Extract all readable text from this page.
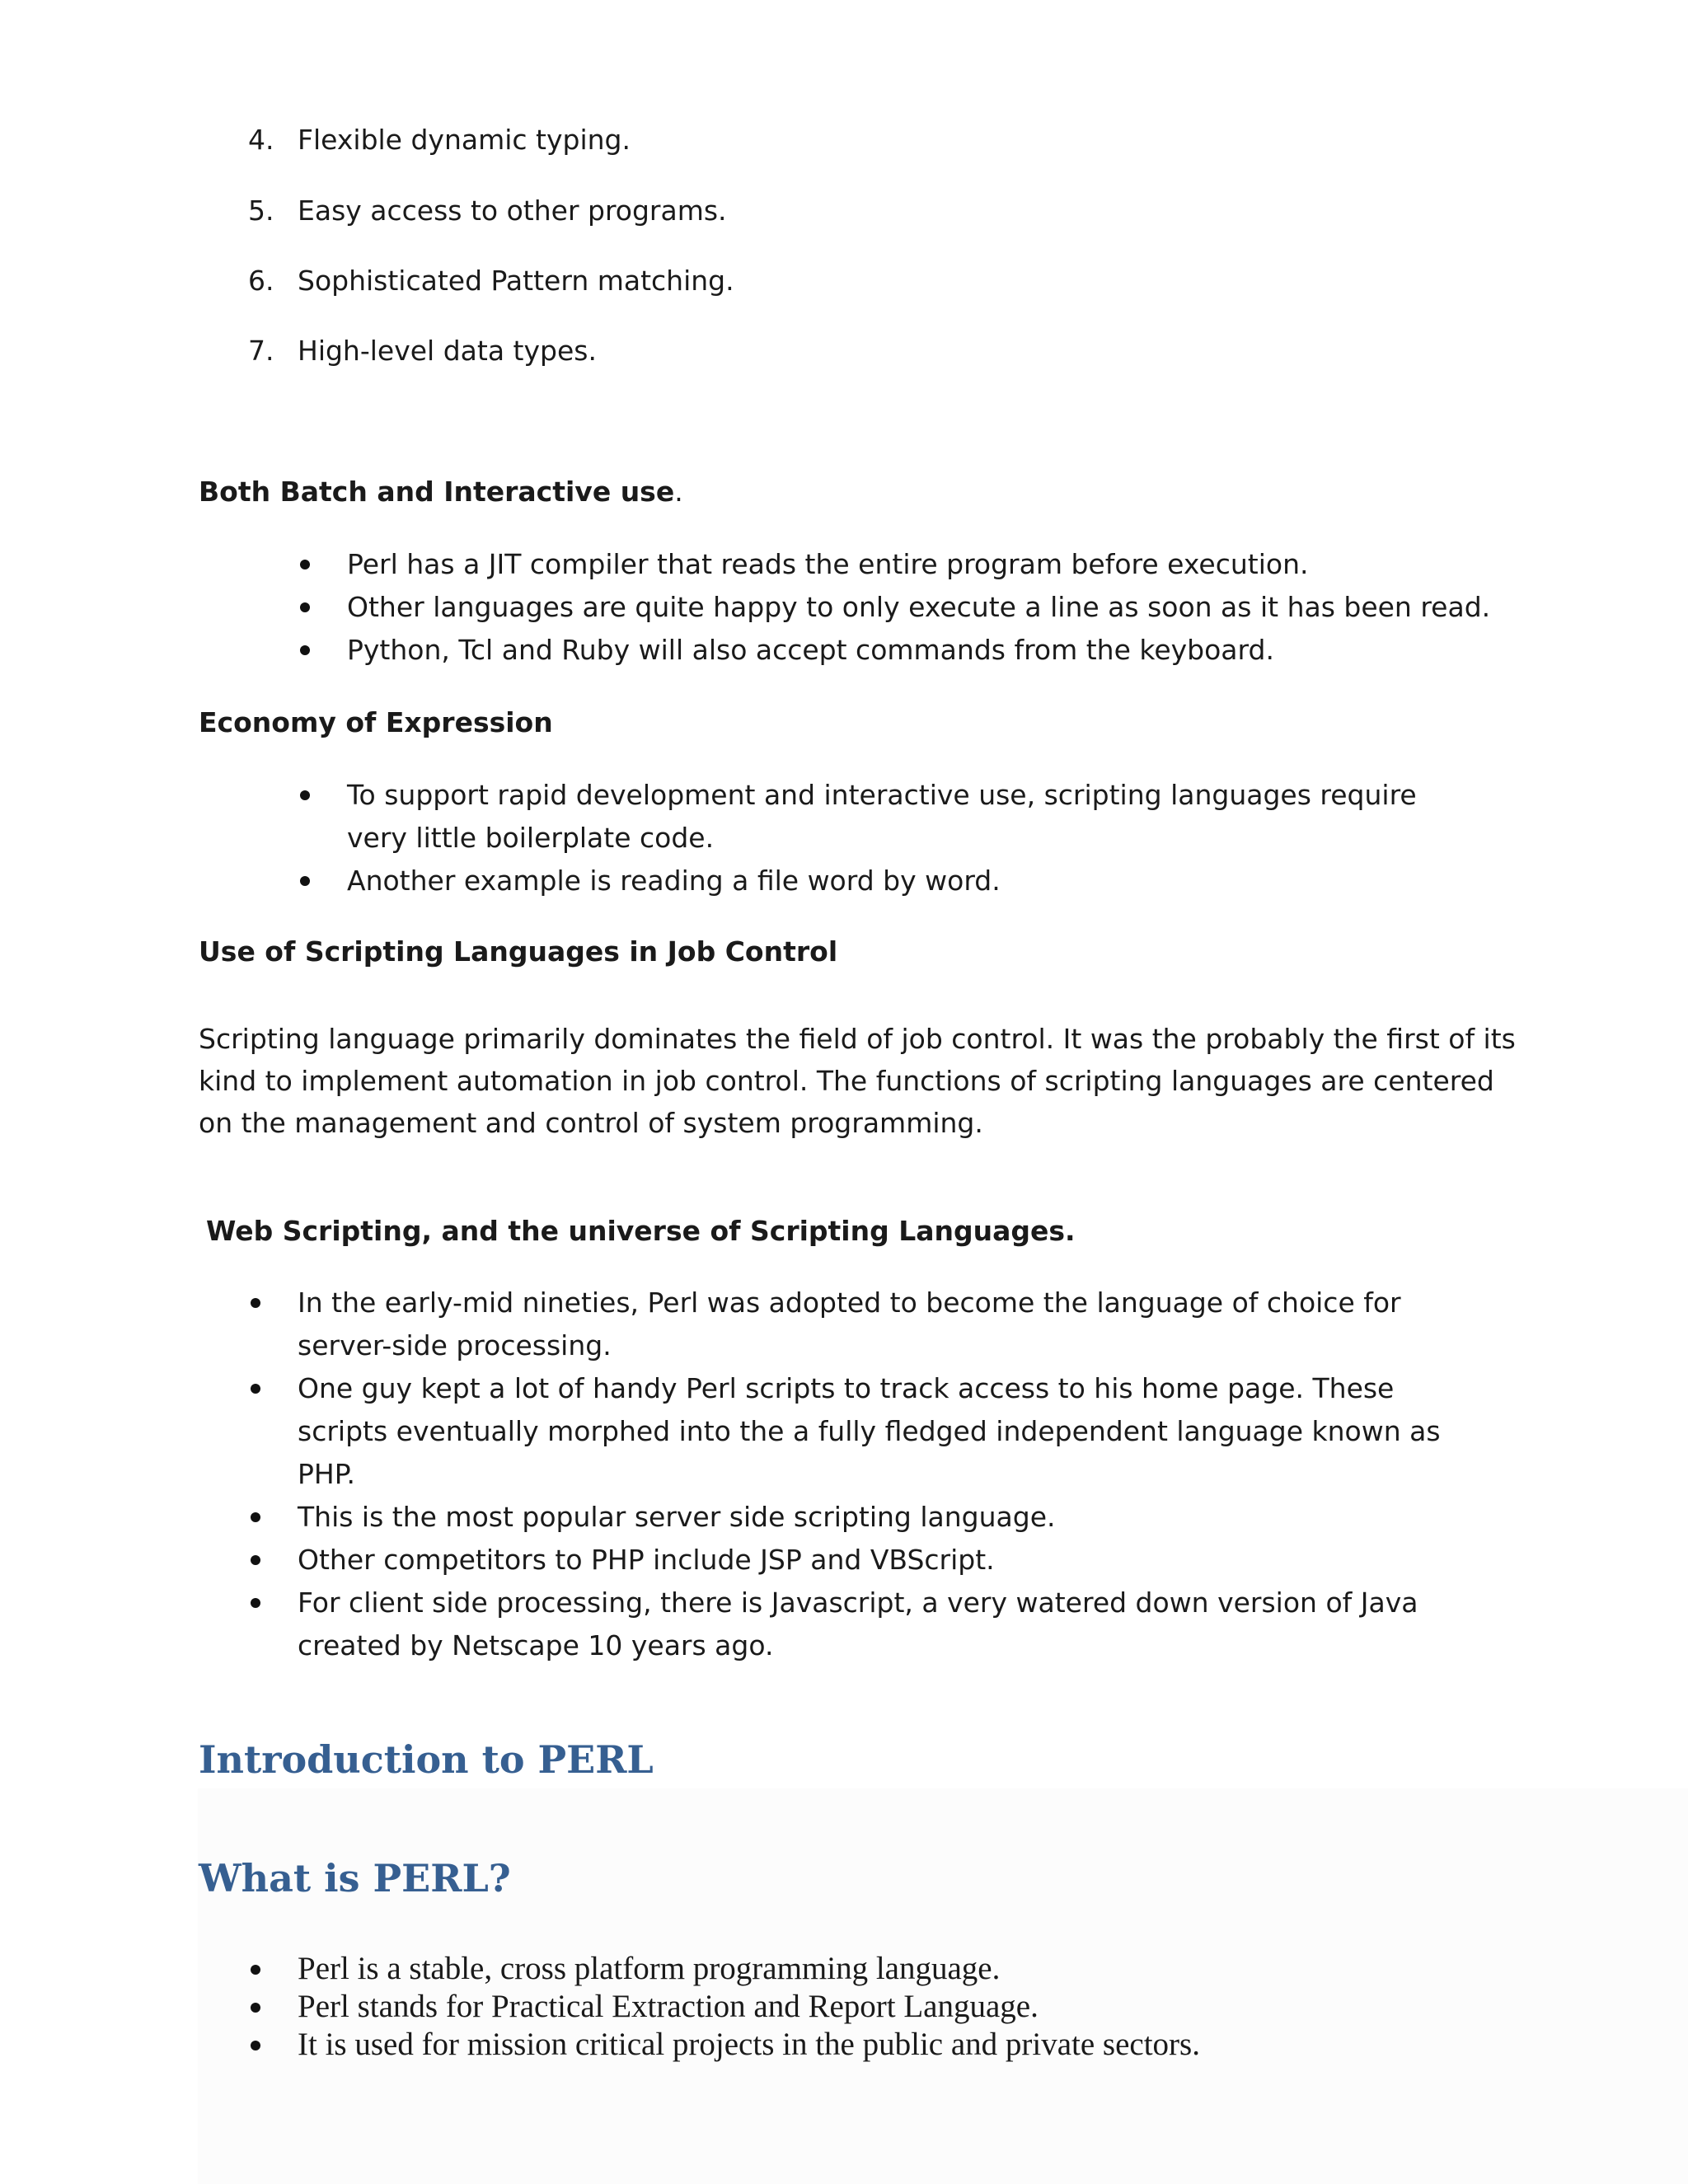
4. Flexible dynamic typing.
5. Easy access to other programs.
6. Sophisticated Pattern matching.
7. High-level data types.
Both Batch and Interactive use.
Perl has a JIT compiler that reads the entire program before execution.
Other languages are quite happy to only execute a line as soon as it has been read.
Python, Tcl and Ruby will also accept commands from the keyboard.
Economy of Expression
To support rapid development and interactive use, scripting languages require very little boilerplate code.
Another example is reading a file word by word.
Use of Scripting Languages in Job Control
Scripting language primarily dominates the field of job control. It was the probably the first of its kind to implement automation in job control. The functions of scripting languages are centered on the management and control of system programming.
Web Scripting, and the universe of Scripting Languages.
In the early-mid nineties, Perl was adopted to become the language of choice for server-side processing.
One guy kept a lot of handy Perl scripts to track access to his home page. These scripts eventually morphed into the a fully fledged independent language known as PHP.
This is the most popular server side scripting language.
Other competitors to PHP include JSP and VBScript.
For client side processing, there is Javascript, a very watered down version of Java created by Netscape 10 years ago.
Introduction to PERL
What is PERL?
Perl is a stable, cross platform programming language.
Perl stands for Practical Extraction and Report Language.
It is used for mission critical projects in the public and private sectors.
